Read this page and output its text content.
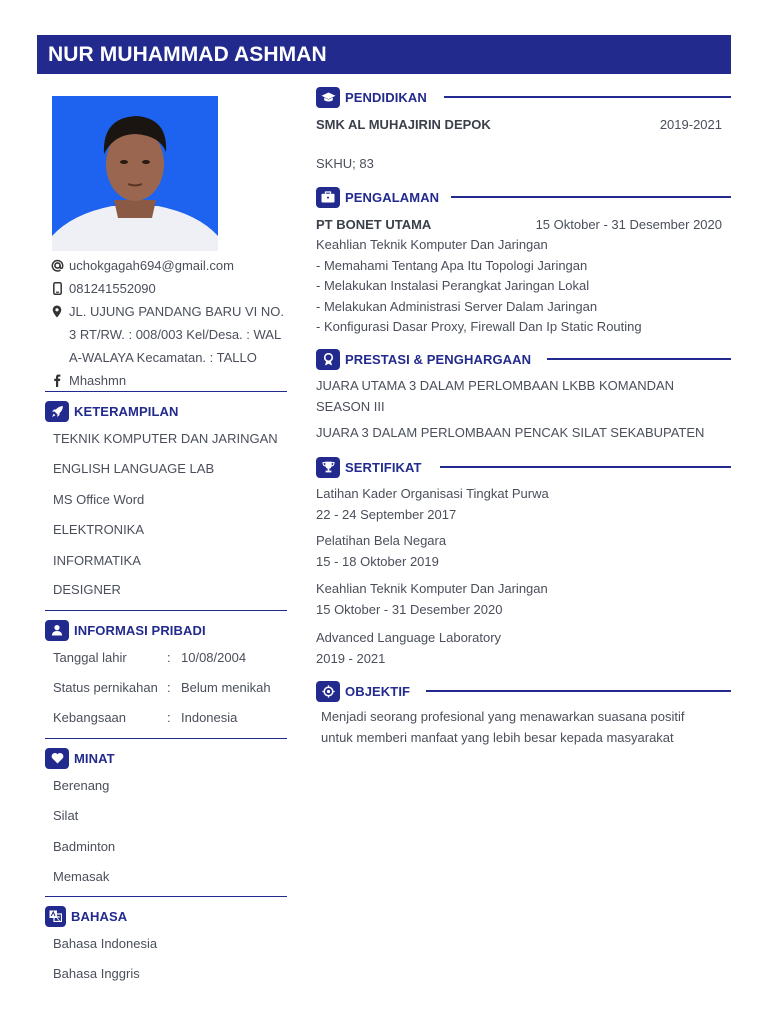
NUR MUHAMMAD ASHMAN
uchokgagah694@gmail.com
081241552090
JL. UJUNG PANDANG BARU VI NO.
3 RT/RW. : 008/003 Kel/Desa. : WAL
A-WALAYA Kecamatan. : TALLO
Mhashmn
KETERAMPILAN
TEKNIK KOMPUTER DAN JARINGAN
ENGLISH LANGUAGE LAB
MS Office Word
ELEKTRONIKA
INFORMATIKA
DESIGNER
INFORMASI PRIBADI
Tanggal lahir	: 10/08/2004
Status pernikahan : Belum menikah
Kebangsaan	: Indonesia
MINAT
Berenang
Silat
Badminton
Memasak
BAHASA
Bahasa Indonesia
Bahasa Inggris
PENDIDIKAN
SMK AL MUHAJIRIN DEPOK	2019-2021
SKHU; 83
PENGALAMAN
PT BONET UTAMA	15 Oktober - 31 Desember 2020
Keahlian Teknik Komputer Dan Jaringan
- Memahami Tentang Apa Itu Topologi Jaringan
- Melakukan Instalasi Perangkat Jaringan Lokal
- Melakukan Administrasi Server Dalam Jaringan
- Konfigurasi Dasar Proxy, Firewall Dan Ip Static Routing
PRESTASI & PENGHARGAAN
JUARA UTAMA 3 DALAM PERLOMBAAN LKBB KOMANDAN SEASON III
JUARA 3 DALAM PERLOMBAAN PENCAK SILAT SEKABUPATEN
SERTIFIKAT
Latihan Kader Organisasi Tingkat Purwa
22 - 24 September 2017
Pelatihan Bela Negara
15 - 18 Oktober 2019
Keahlian Teknik Komputer Dan Jaringan
15 Oktober - 31 Desember 2020
Advanced Language Laboratory
2019 - 2021
OBJEKTIF
Menjadi seorang profesional yang menawarkan suasana positif
untuk memberi manfaat yang lebih besar kepada masyarakat
